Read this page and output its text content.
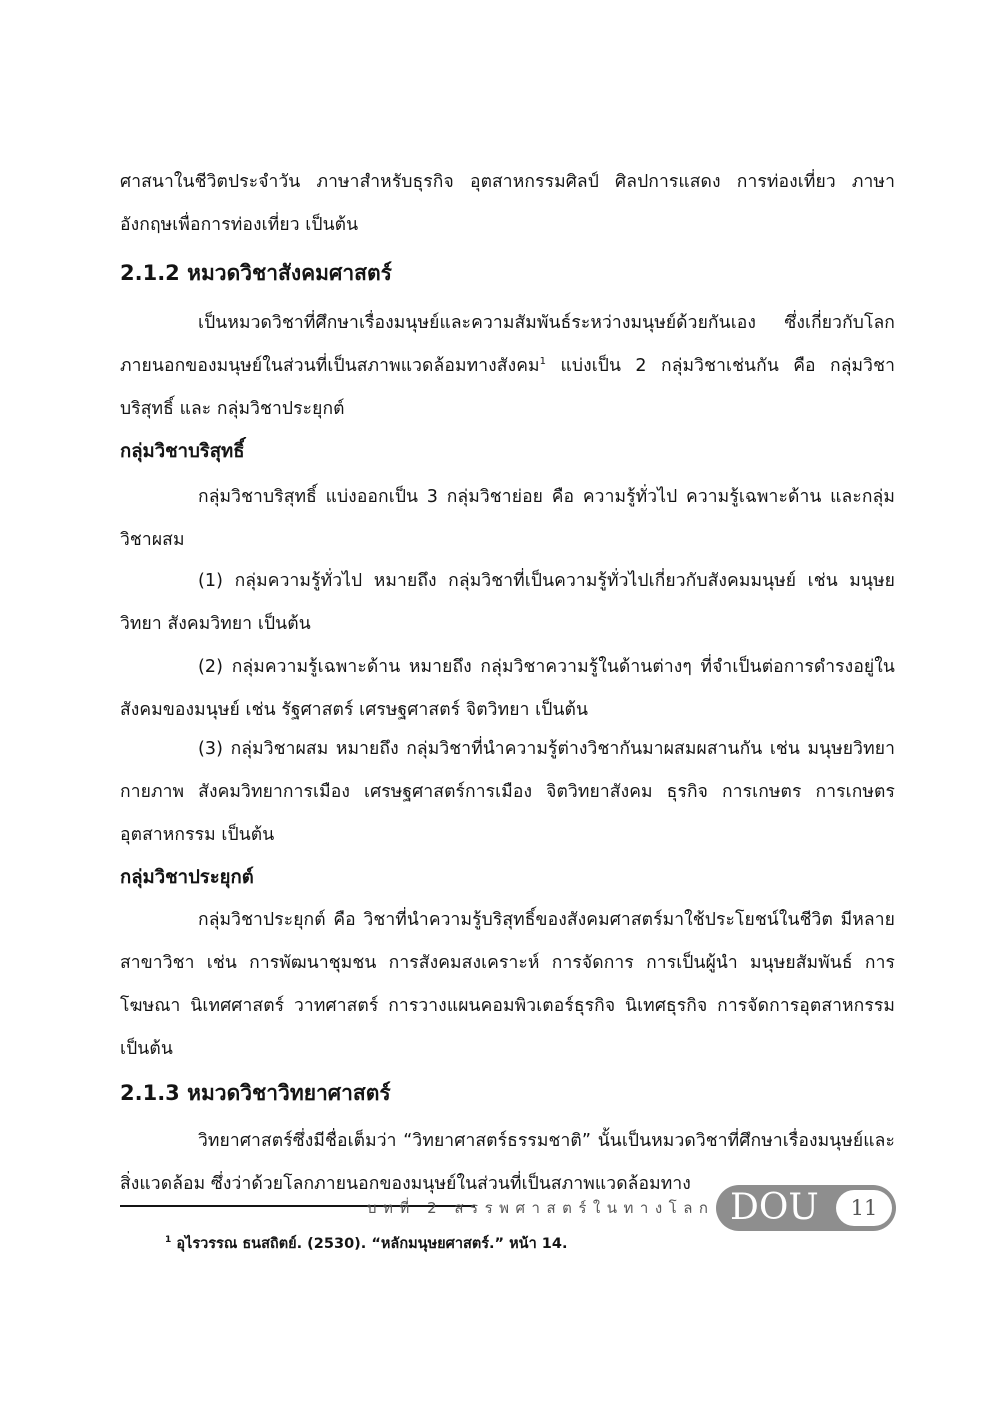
ศาสนาในชีวิตประจำวัน ภาษาสำหรับธุรกิจ อุตสาหกรรมศิลป์ ศิลปการแสดง การท่องเที่ยว ภาษาอังกฤษเพื่อการท่องเที่ยว เป็นต้น

2.1.2 หมวดวิชาสังคมศาสตร์

เป็นหมวดวิชาที่ศึกษาเรื่องมนุษย์และความสัมพันธ์ระหว่างมนุษย์ด้วยกันเอง ซึ่งเกี่ยวกับโลกภายนอกของมนุษย์ในส่วนที่เป็นสภาพแวดล้อมทางสังคม$^1$ แบ่งเป็น 2 กลุ่มวิชาเช่นกัน คือ กลุ่มวิชาบริสุทธิ์ และ กลุ่มวิชาประยุกต์

กลุ่มวิชาบริสุทธิ์

กลุ่มวิชาบริสุทธิ์ แบ่งออกเป็น 3 กลุ่มวิชาย่อย คือ ความรู้ทั่วไป ความรู้เฉพาะด้าน และกลุ่มวิชาผสม

(1) กลุ่มความรู้ทั่วไป หมายถึง กลุ่มวิชาที่เป็นความรู้ทั่วไปเกี่ยวกับสังคมมนุษย์ เช่น มนุษยวิทยา สังคมวิทยา เป็นต้น

(2) กลุ่มความรู้เฉพาะด้าน หมายถึง กลุ่มวิชาความรู้ในด้านต่างๆ ที่จำเป็นต่อการดำรงอยู่ในสังคมของมนุษย์ เช่น รัฐศาสตร์ เศรษฐศาสตร์ จิตวิทยา เป็นต้น

(3) กลุ่มวิชาผสม หมายถึง กลุ่มวิชาที่นำความรู้ต่างวิชากันมาผสมผสานกัน เช่น มนุษยวิทยากายภาพ สังคมวิทยาการเมือง เศรษฐศาสตร์การเมือง จิตวิทยาสังคม ธุรกิจ การเกษตร การเกษตรอุตสาหกรรม เป็นต้น

กลุ่มวิชาประยุกต์

กลุ่มวิชาประยุกต์ คือ วิชาที่นำความรู้บริสุทธิ์ของสังคมศาสตร์มาใช้ประโยชน์ในชีวิต มีหลายสาขาวิชา เช่น การพัฒนาชุมชน การสังคมสงเคราะห์ การจัดการ การเป็นผู้นำ มนุษยสัมพันธ์ การโฆษณา นิเทศศาสตร์ วาทศาสตร์ การวางแผนคอมพิวเตอร์ธุรกิจ นิเทศธุรกิจ การจัดการอุตสาหกรรม เป็นต้น

2.1.3 หมวดวิชาวิทยาศาสตร์

วิทยาศาสตร์ซึ่งมีชื่อเต็มว่า “วิทยาศาสตร์ธรรมชาติ” นั้นเป็นหมวดวิชาที่ศึกษาเรื่องมนุษย์และสิ่งแวดล้อม ซึ่งว่าด้วยโลกภายนอกของมนุษย์ในส่วนที่เป็นสภาพแวดล้อมทาง

$^1$ อุไรวรรณ ธนสถิตย์. (2530). “หลักมนุษยศาสตร์.” หน้า 14.
บทที่ 2 สรรพศาสตร์ในทางโลก DOU	11
